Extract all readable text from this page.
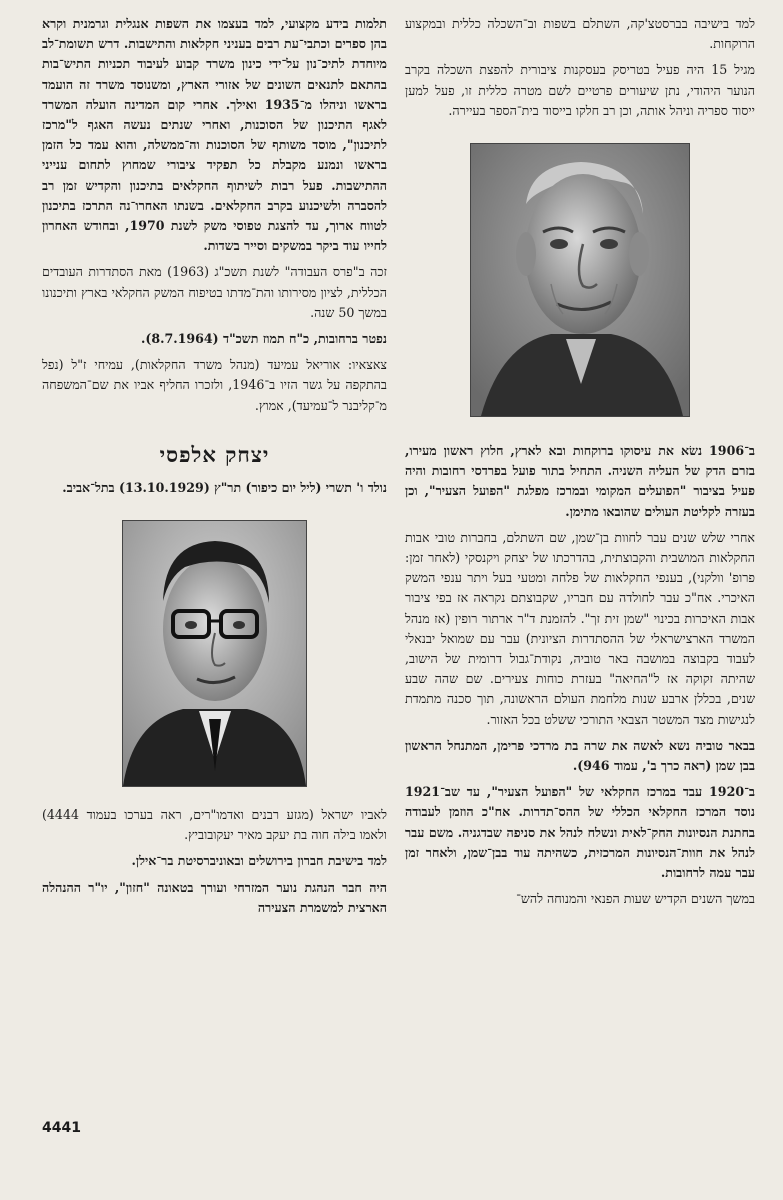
למד בישיבה בברסטצ'קה, השתלם בשפות וב־השכלה כללית ובמקצוע הרוקחות.

מגיל 15 היה פעיל בטריסק בעסקנות ציבורית להפצת השכלה בקרב הנוער היהודי, נתן שיעורים פרטיים לשם מטרה כללית זו, פעל למען ייסוד ספריה וניהל אותה, וכן רב חלקו בייסוד בית־הספר בעיירה.

ב־1906 נשׂא את עיסוקו ברוקחות ובא לארץ, חלוץ ראשון מעירו, בזרם הדק של העליה השניה. התחיל בתור פועל בפרדסי רחובות והיה פעיל בציבור "הפועלים המקומי ובמרכז מפלגת "הפועל הצעיר", וכן בעזרה לקליטת העולים שהובאו מתימן.

אחרי שלש שנים עבר לחוות בן־שמן, שם השתלם, בחברות טובי אבות החקלאות המושבית והקבוצתית, בהדרכתו של יצחק ויקנסקי (לאחר זמן: פרופ' וולקני), בענפי החקלאות של פלחה ומטעי בעל ויתר ענפי המשק האיכרי. אח"כ עבר לחולדה עם חבריו, שקבוצתם נקראה אז בפי ציבור אבות האיכרות בכינוי "שמן זית זך". להזמנת ד"ר ארתור רופין (אז מנהל המשרד הארצישראלי של ההסתדרות הציונית) עבר עם שמואל יבנאלי לעבוד בקבוצה במושבה באר טוביה, נקודת־גבול דרומית של הישוב, שהיתה זקוקה אז ל"החיאה" בעזרת כוחות צעירים. שם שהה שבע שנים, בכללן ארבע שנות מלחמת העולם הראשונה, תוך סכנה מתמדת לנגישות מצד המשטר הצבאי התורכי ששלט בכל האזור.

בבאר טוביה נשא לאשה את שרה בת מרדכי פרימן, המתנחל הראשון בבן שמן (ראה כרך ב', עמוד 946).

ב־1920 עבד במרכז החקלאי של "הפועל הצעיר", עד שב־1921 נוסד המרכז החקלאי הכללי של ההס־תדרות. אח"כ הוזמן לעבודה בחתנת הנסיונות החק־לאית ונשלח לנהל את סניפה שבדגניה. משם עבר לנהל את חוות־הנסיונות המרכזית, כשהיתה עוד בבן־שמן, ולאחר זמן עבר עמה לרחובות.

במשך השנים הקדיש שעות הפנאי והמנוחה להש־

תלמות בידע מקצועי, למד בעצמו את השפות אנגלית וגרמנית וקרא בהן ספרים וכתבי־עת רבים בעניני חקלאות והתישבות. דרש תשומת־לב מיוחדת לתיכ־נון על־ידי כינון משרד קבוע לעיבוד תכניות התיש־בות בהתאם לתנאים השונים של אזורי הארץ, ומשנוסד משרד זה הועמד בראשו וניהלו מ־1935 ואילך. אחרי קום המדינה הועלה המשרד לאגף התיכנון של הסוכנות, ואחרי שנתים נעשה האגף ל"מרכז לתיכנון", מוסד משותף של הסוכנות וה־ממשלה, והוא עמד כל הזמן בראשו ונמנע מקבלת כל תפקיד ציבורי שמחוץ לתחום ענייני ההתישבות. פעל רבות לשיתוף החקלאים בתיכנון והקדיש זמן רב להסברה ולשיכנוע בקרב החקלאים. בשנתו האחרו־נה התרכז בתיכנון לטווח ארוך, עד להצגת טפוסי משק לשנת 1970, ובחודש האחרון לחייו עוד ביקר במשקים וסייר בשדות.

זכה ב"פרס העבודה" לשנת תשכ"ג (1963) מאת הסתדרות העובדים הכללית, לציון מסירותו והת־מדתו בטיפוח המשק החקלאי בארץ ותיכנונו במשך 50 שנה.

נפטר ברחובות, כ"ח תמוז תשכ"ד (8.7.1964).

צאצאיו: אוריאל עמיעד (מנהל משרד החקלאות), עמיחי ז"ל (נפל בהתקפה על גשר הזיו ב־1946, ולזכרו החליף אביו את שם־המשפחה מ־קליבנר ל־עמיעד), אמוץ.

יצחק אלפסי

נולד ו' תשרי (ליל יום כיפור) תר"ץ (13.10.1929) בתל־אביב.

לאביו ישראל (מגזע רבנים ואדמו"רים, ראה בערכו בעמוד 4444) ולאמו בילה חוה בת יעקב מאיר יעקובוביץ.

למד בישיבת חברון בירושלים ובאוניברסיטת בר־אילן.

היה חבר הנהגת נוער המזרחי ועורך בטאונה "חזון", יו"ר ההנהלה הארצית למשמרת הצעירה

4441
